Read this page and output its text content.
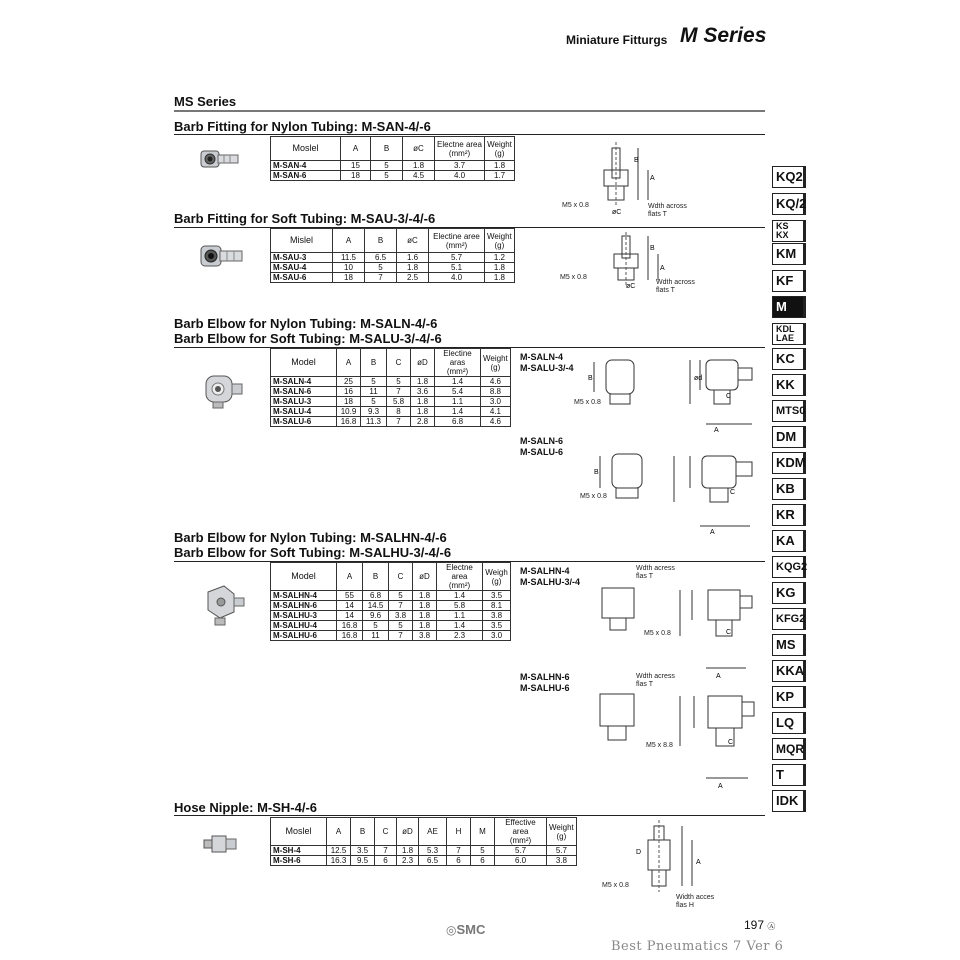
Miniature Fitturgs M Series
MS Series
Barb Fitting for Nylon Tubing: M-SAN-4/-6
Moslel	A	B	øC	Electne area
(mm²)	Weight
(g)
M-SAN-4	15	5	1.8	3.7	1.8
M-SAN-6	18	5	4.5	4.0	1.7
B
A
øC
M5 x 0.8	Wdth across
flats T
Barb Fitting for Soft Tubing: M-SAU-3/-4/-6
Mislel	A	B	øC	Electine aree
(mm²)	Weight
(g)
M-SAU-3	11.5	6.5	1.6	5.7	1.2
M-SAU-4	10	5	1.8	5.1	1.8
M-SAU-6	18	7	2.5	4.0	1.8
B
A
øC
M5 x 0.8
Wdth across
flats T
Barb Elbow for Nylon Tubing: M-SALN-4/-6
Barb Elbow for Soft Tubing: M-SALU-3/-4/-6
Model	A	B	C	øD	Electine aras
(mm²)	Weight
(g)
M-SALN-4	25	5	5	1.8	1.4	4.6
M-SALN-6	16	11	7	3.6	5.4	8.8
M-SALU-3	18	5	5.8	1.8	1.1	3.0
M-SALU-4	10.9	9.3	8	1.8	1.4	4.1
M-SALU-6	16.8	11.3	7	2.8	6.8	4.6
M-SALN-4
M-SALU-3/-4
B
A
C
ød
M5 x 0.8
M-SALN-6
M-SALU-6
B
A
C
M5 x 0.8
Barb Elbow for Nylon Tubing: M-SALHN-4/-6
Barb Elbow for Soft Tubing: M-SALHU-3/-4/-6
Model	A	B	C	øD	Electne area
(mm²)	Weigh
(g)
M-SALHN-4	55	6.8	5	1.8	1.4	3.5
M-SALHN-6	14	14.5	7	1.8	5.8	8.1
M-SALHU-3	14	9.6	3.8	1.8	1.1	3.8
M-SALHU-4	16.8	5	5	1.8	1.4	3.5
M-SALHU-6	16.8	11	7	3.8	2.3	3.0
M-SALHN-4
M-SALHU-3/-4
Wdth acress
flas T
A
C
M5 x 0.8
M-SALHN-6
M-SALHU-6
Wdth acress
flas T
A
C
M5 x 8.8
Hose Nipple: M-SH-4/-6
Moslel	A	B	C	øD	AE	H	M	Effective area
(mm²)	Weight
(g)
M-SH-4	12.5	3.5	7	1.8	5.3	7	5	5.7	5.7
M-SH-6	16.3	9.5	6	2.3	6.5	6	6	6.0	3.8	A
D
M5 x 0.8
Width acces
flas H
KQ2
KQ/2
KS
KX
KM
KF
M
KDL
LAE
KC
KK
MTS0
DM
KDM
KB
KR
KA
KQG2
KG
KFG2
MS
KKA
KP
LQ
MQR
T
IDK
◎SMC	197 Ⓐ
Best Pneumatics 7 Ver 6
